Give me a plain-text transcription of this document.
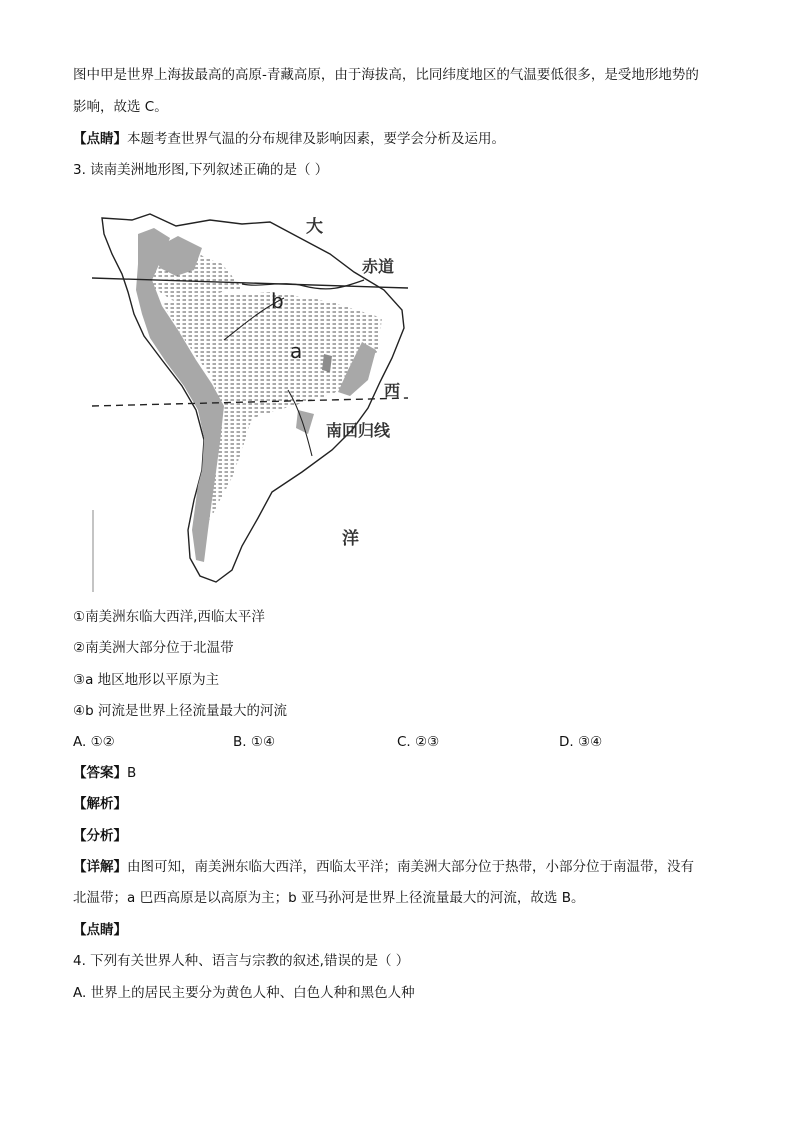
图中甲是世界上海拔最高的高原-青藏高原，由于海拔高，比同纬度地区的气温要低很多，是受地形地势的
影响，故选 C。
【点睛】本题考查世界气温的分布规律及影响因素，要学会分析及运用。
3. 读南美洲地形图,下列叙述正确的是（ ）
大
赤道
b
a
西
南回归线
洋
①南美洲东临大西洋,西临太平洋
②南美洲大部分位于北温带
③a 地区地形以平原为主
④b 河流是世界上径流量最大的河流
A. ①②	B. ①④	C. ②③	D. ③④
【答案】B
【解析】
【分析】
【详解】由图可知，南美洲东临大西洋，西临太平洋；南美洲大部分位于热带，小部分位于南温带，没有
北温带；a 巴西高原是以高原为主；b 亚马孙河是世界上径流量最大的河流，故选 B。
【点睛】
4. 下列有关世界人种、语言与宗教的叙述,错误的是（ ）
A. 世界上的居民主要分为黄色人种、白色人种和黑色人种
